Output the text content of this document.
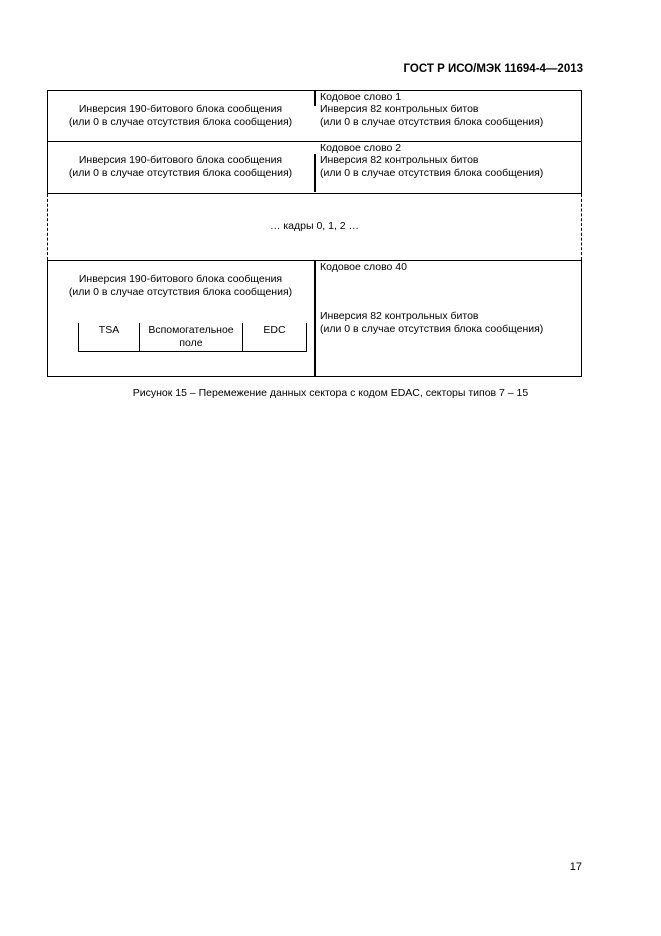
ГОСТ Р ИСО/МЭК 11694-4—2013
Инверсия 190-битового блока сообщения
(или 0 в случае отсутствия блока сообщения)
Кодовое слово 1
Инверсия 82 контрольных битов
(или 0 в случае отсутствия блока сообщения)
Инверсия 190-битового блока сообщения
(или 0 в случае отсутствия блока сообщения)
Кодовое слово 2
Инверсия 82 контрольных битов
(или 0 в случае отсутствия блока сообщения)
… кадры 0, 1, 2 …
Инверсия 190-битового блока сообщения
(или 0 в случае отсутствия блока сообщения)
TSA	Вспомогательное
поле
EDC
Кодовое слово 40
Инверсия 82 контрольных битов
(или 0 в случае отсутствия блока сообщения)
Рисунок 15 – Перемежение данных сектора с кодом EDAC, секторы типов 7 – 15
17
